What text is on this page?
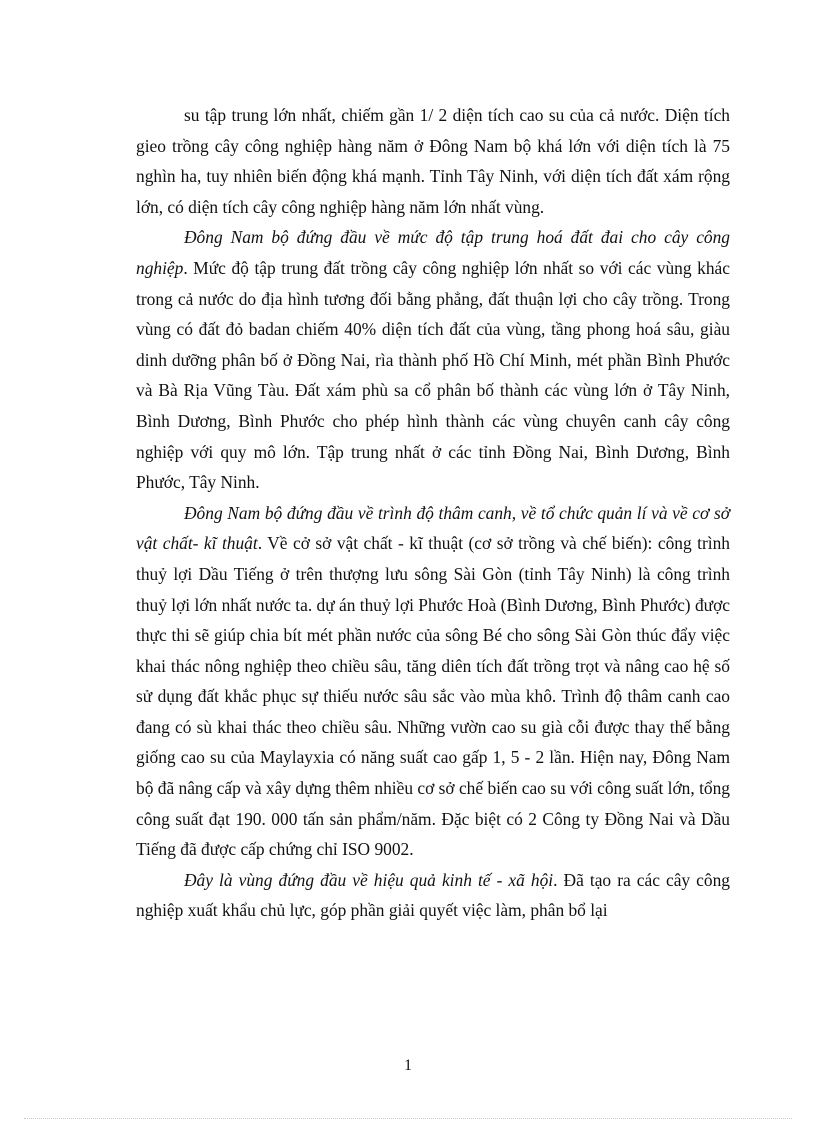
su tập trung lớn nhất, chiếm gần 1/ 2 diện tích cao su của cả nước. Diện tích gieo trồng cây công nghiệp hàng năm ở Đông Nam bộ khá lớn với diện tích là 75 nghìn ha, tuy nhiên biến động khá mạnh. Tỉnh Tây Ninh, với diện tích đất xám rộng lớn, có diện tích cây công nghiệp hàng năm lớn nhất vùng.

Đông Nam bộ đứng đầu về mức độ tập trung hoá đất đai cho cây công nghiệp. Mức độ tập trung đất trồng cây công nghiệp lớn nhất so với các vùng khác trong cả nước do địa hình tương đối bằng phẳng, đất thuận lợi cho cây trồng. Trong vùng có đất đỏ badan chiếm 40% diện tích đất của vùng, tầng phong hoá sâu, giàu dinh dưỡng phân bố ở Đồng Nai, rìa thành phố Hồ Chí Minh, mét phần Bình Phước và Bà Rịa Vũng Tàu. Đất xám phù sa cổ phân bố thành các vùng lớn ở Tây Ninh, Bình Dương, Bình Phước cho phép hình thành các vùng chuyên canh cây công nghiệp với quy mô lớn. Tập trung nhất ở các tỉnh Đồng Nai, Bình Dương, Bình Phước, Tây Ninh.

Đông Nam bộ đứng đầu về trình độ thâm canh, về tổ chức quản lí và về cơ sở vật chất- kĩ thuật. Về cở sở vật chất - kĩ thuật (cơ sở trồng và chế biến): công trình thuỷ lợi Dầu Tiếng ở trên thượng lưu sông Sài Gòn (tỉnh Tây Ninh) là công trình thuỷ lợi lớn nhất nước ta. dự án thuỷ lợi Phước Hoà (Bình Dương, Bình Phước) được thực thi sẽ giúp chia bít mét phần nước của sông Bé cho sông Sài Gòn thúc đẩy việc khai thác nông nghiệp theo chiều sâu, tăng diên tích đất trồng trọt và nâng cao hệ số sử dụng đất khắc phục sự thiếu nước sâu sắc vào mùa khô. Trình độ thâm canh cao đang có sù khai thác theo chiều sâu. Những vườn cao su già cỗi được thay thế bằng giống cao su của Maylayxia có năng suất cao gấp 1, 5 - 2 lần. Hiện nay, Đông Nam bộ đã nâng cấp và xây dựng thêm nhiều cơ sở chế biến cao su với công suất lớn, tổng công suất đạt 190. 000 tấn sản phẩm/năm. Đặc biệt có 2 Công ty Đồng Nai và Dầu Tiếng đã được cấp chứng chỉ ISO 9002.

Đây là vùng đứng đầu về hiệu quả kinh tế - xã hội. Đã tạo ra các cây công nghiệp xuất khẩu chủ lực, góp phần giải quyết việc làm, phân bổ lại

1
